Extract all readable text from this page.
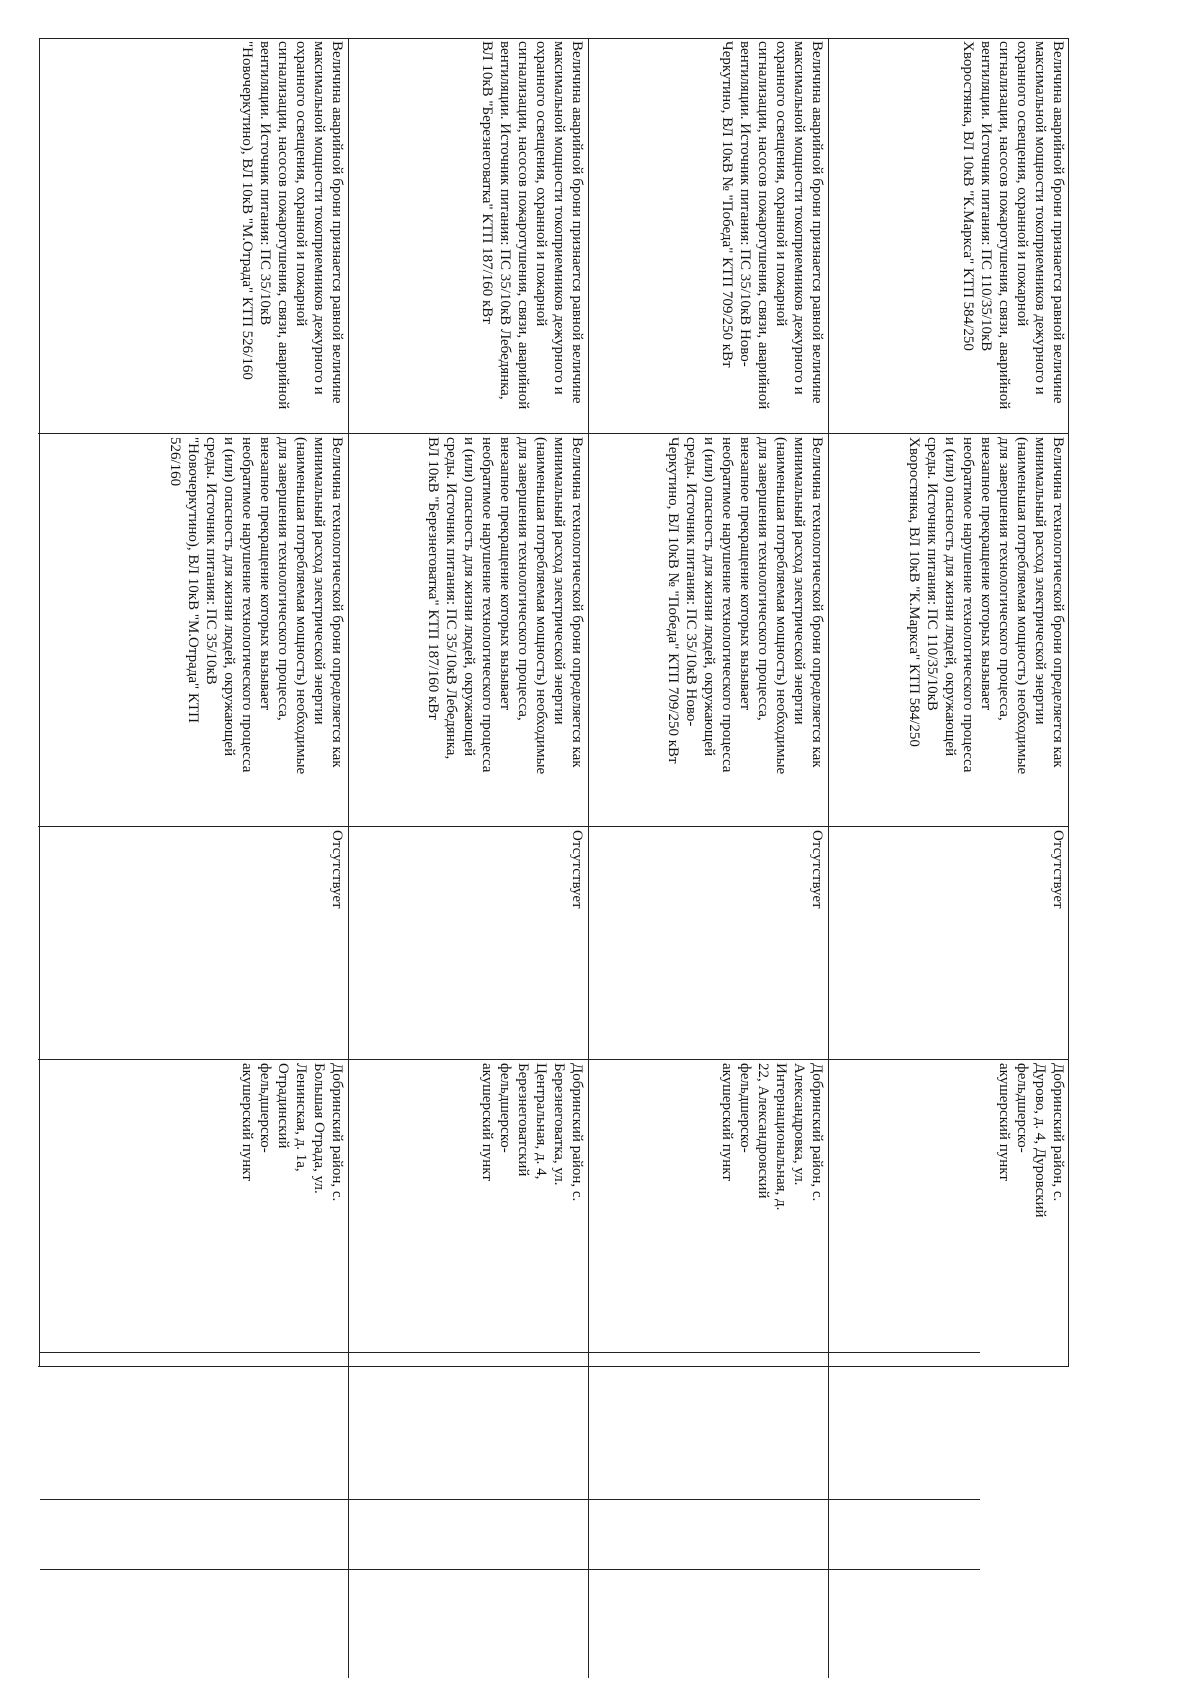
Величина аварийной брони признается равной величине
максимальной мощности токоприемников дежурного и
охранного освещения, охранной и пожарной
сигнализации, насосов пожаротушения, связи, аварийной
вентиляции. Источник питания: ПС 110/35/10кВ
Хворостянка, ВЛ 10кВ "К.Маркса" КТП 584/250
Величина технологической брони определяется как
минимальный расход электрической энергии
(наименьшая потребляемая мощность) необходимые
для завершения технологического процесса,
внезапное прекращение которых вызывает
необратимое нарушение технологического процесса
и (или) опасность для жизни людей, окружающей
среды. Источник питания: ПС 110/35/10кВ
Хворостянка, ВЛ 10кВ "К.Маркса" КТП 584/250
Отсутствует
Добринский район, с.
Дурово, д. 4, Дуровский
фельдшерско-
акушерский пункт
Величина аварийной брони признается равной величине
максимальной мощности токоприемников дежурного и
охранного освещения, охранной и пожарной
сигнализации, насосов пожаротушения, связи, аварийной
вентиляции. Источник питания: ПС 35/10кВ Ново-
Черкутино, ВЛ 10кВ № "Победа" КТП 709/250 кВт
Величина технологической брони определяется как
минимальный расход электрической энергии
(наименьшая потребляемая мощность) необходимые
для завершения технологического процесса,
внезапное прекращение которых вызывает
необратимое нарушение технологического процесса
и (или) опасность для жизни людей, окружающей
среды. Источник питания: ПС 35/10кВ Ново-
Черкутино, ВЛ 10кВ № "Победа" КТП 709/250 кВт
Отсутствует
Добринский район, с.
Александровка, ул.
Интернациональная, д.
22, Александровский
фельдшерско-
акушерский пункт
Величина аварийной брони признается равной величине
максимальной мощности токоприемников дежурного и
охранного освещения, охранной и пожарной
сигнализации, насосов пожаротушения, связи, аварийной
вентиляции. Источник питания: ПС 35/10кВ Лебедянка,
ВЛ 10кВ "Березнеговатка" КТП 187/160 кВт
Величина технологической брони определяется как
минимальный расход электрической энергии
(наименьшая потребляемая мощность) необходимые
для завершения технологического процесса,
внезапное прекращение которых вызывает
необратимое нарушение технологического процесса
и (или) опасность для жизни людей, окружающей
среды. Источник питания: ПС 35/10кВ Лебедянка,
ВЛ 10кВ "Березнеговатка" КТП 187/160 кВт
Отсутствует
Добринский район, с.
Березнеговатка, ул.
Центральная, д. 4,
Березнеговатский
фельдшерско-
акушерский пункт
Величина аварийной брони признается равной величине
максимальной мощности токоприемников дежурного и
охранного освещения, охранной и пожарной
сигнализации, насосов пожаротушения, связи, аварийной
вентиляции. Источник питания: ПС 35/10кВ
"Новочеркутино), ВЛ 10кВ "М.Отрада" КТП 526/160
Величина технологической брони определяется как
минимальный расход электрической энергии
(наименьшая потребляемая мощность) необходимые
для завершения технологического процесса,
внезапное прекращение которых вызывает
необратимое нарушение технологического процесса
и (или) опасность для жизни людей, окружающей
среды. Источник питания: ПС 35/10кВ
"Новочеркутино), ВЛ 10кВ "М.Отрада" КТП
526/160
Отсутствует
Добринский район, с.
Большая Отрада, ул.
Ленинская, д. 1а,
Отрадинский
фельдшерско-
акушерский пункт
